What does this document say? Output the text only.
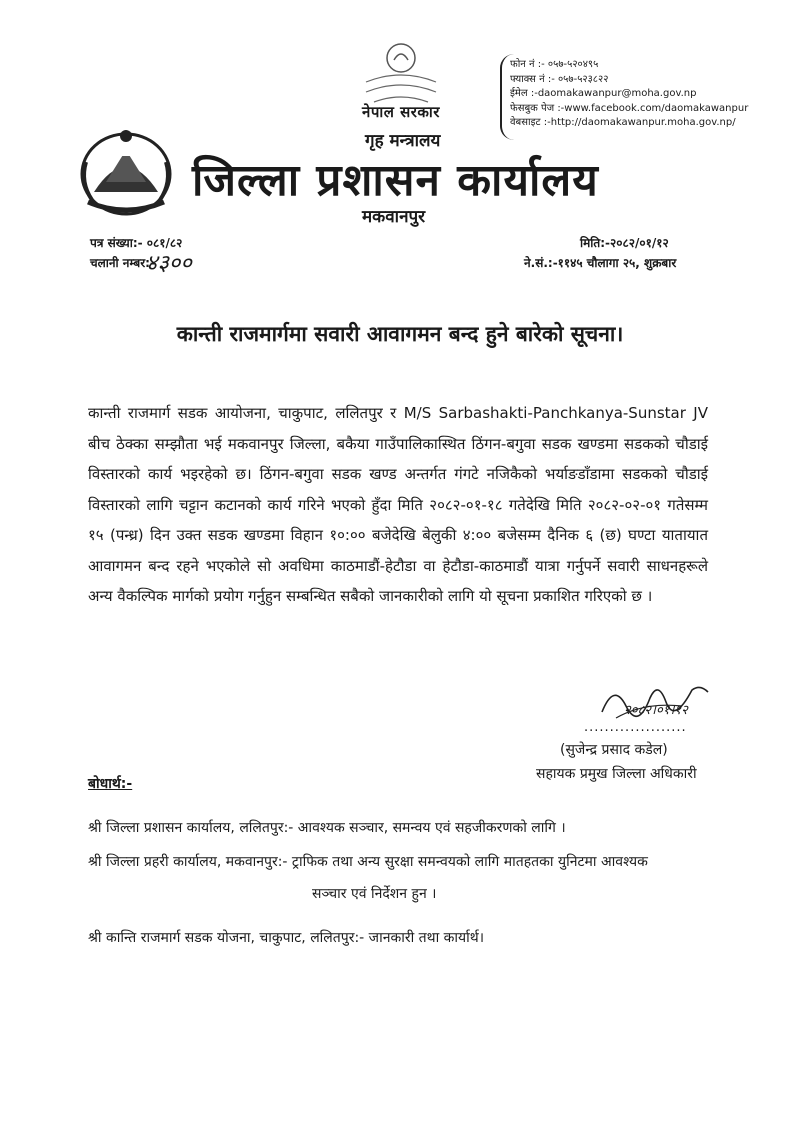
नेपाल सरकार
गृह मन्त्रालय
जिल्ला प्रशासन कार्यालय
मकवानपुर
फोन नं :- ०५७-५२०४९५
फ्याक्स नं :- ०५७-५२३८२२
ईमेल :-daomakawanpur@moha.gov.np
फेसबुक पेज :-www.facebook.com/daomakawanpur
वेबसाइट :-http://daomakawanpur.moha.gov.np/
पत्र संख्या:- ०८१/८२
चलानी नम्बर:-
४३००
मिति:-२०८२/०१/१२
ने.सं.:-११४५ चौलागा २५, शुक्रबार
कान्ती राजमार्गमा सवारी आवागमन बन्द हुने बारेको सूचना।
कान्ती राजमार्ग सडक आयोजना, चाकुपाट, ललितपुर र M/S Sarbashakti-Panchkanya-Sunstar JV बीच ठेक्का सम्झौता भई मकवानपुर जिल्ला, बकैया गाउँपालिकास्थित ठिंगन-बगुवा सडक खण्डमा सडकको चौडाई विस्तारको कार्य भइरहेको छ। ठिंगन-बगुवा सडक खण्ड अन्तर्गत गंगटे नजिकैको भर्याङडाँडामा सडकको चौडाई विस्तारको लागि चट्टान कटानको कार्य गरिने भएको हुँदा मिति २०८२-०१-१८ गतेदेखि मिति २०८२-०२-०१ गतेसम्म १५ (पन्ध्र) दिन उक्त सडक खण्डमा विहान १०:०० बजेदेखि बेलुकी ४:०० बजेसम्म दैनिक ६ (छ) घण्टा यातायात आवागमन बन्द रहने भएकोले सो अवधिमा काठमाडौं-हेटौडा वा हेटौडा-काठमाडौं यात्रा गर्नुपर्ने सवारी साधनहरूले अन्य वैकल्पिक मार्गको प्रयोग गर्नुहुन सम्बन्धित सबैको जानकारीको लागि यो सूचना प्रकाशित गरिएको छ ।
२०८२।०१।१२
....................
(सुजेन्द्र प्रसाद कडेल)
सहायक प्रमुख जिल्ला अधिकारी
बोधार्थ:-
श्री जिल्ला प्रशासन कार्यालय, ललितपुर:- आवश्यक सञ्चार, समन्वय एवं सहजीकरणको लागि ।
श्री जिल्ला प्रहरी कार्यालय, मकवानपुर:- ट्राफिक तथा अन्य सुरक्षा समन्वयको लागि मातहतका युनिटमा आवश्यक
सञ्चार एवं निर्देशन हुन ।
श्री कान्ति राजमार्ग सडक योजना, चाकुपाट, ललितपुर:- जानकारी तथा कार्यार्थ।
